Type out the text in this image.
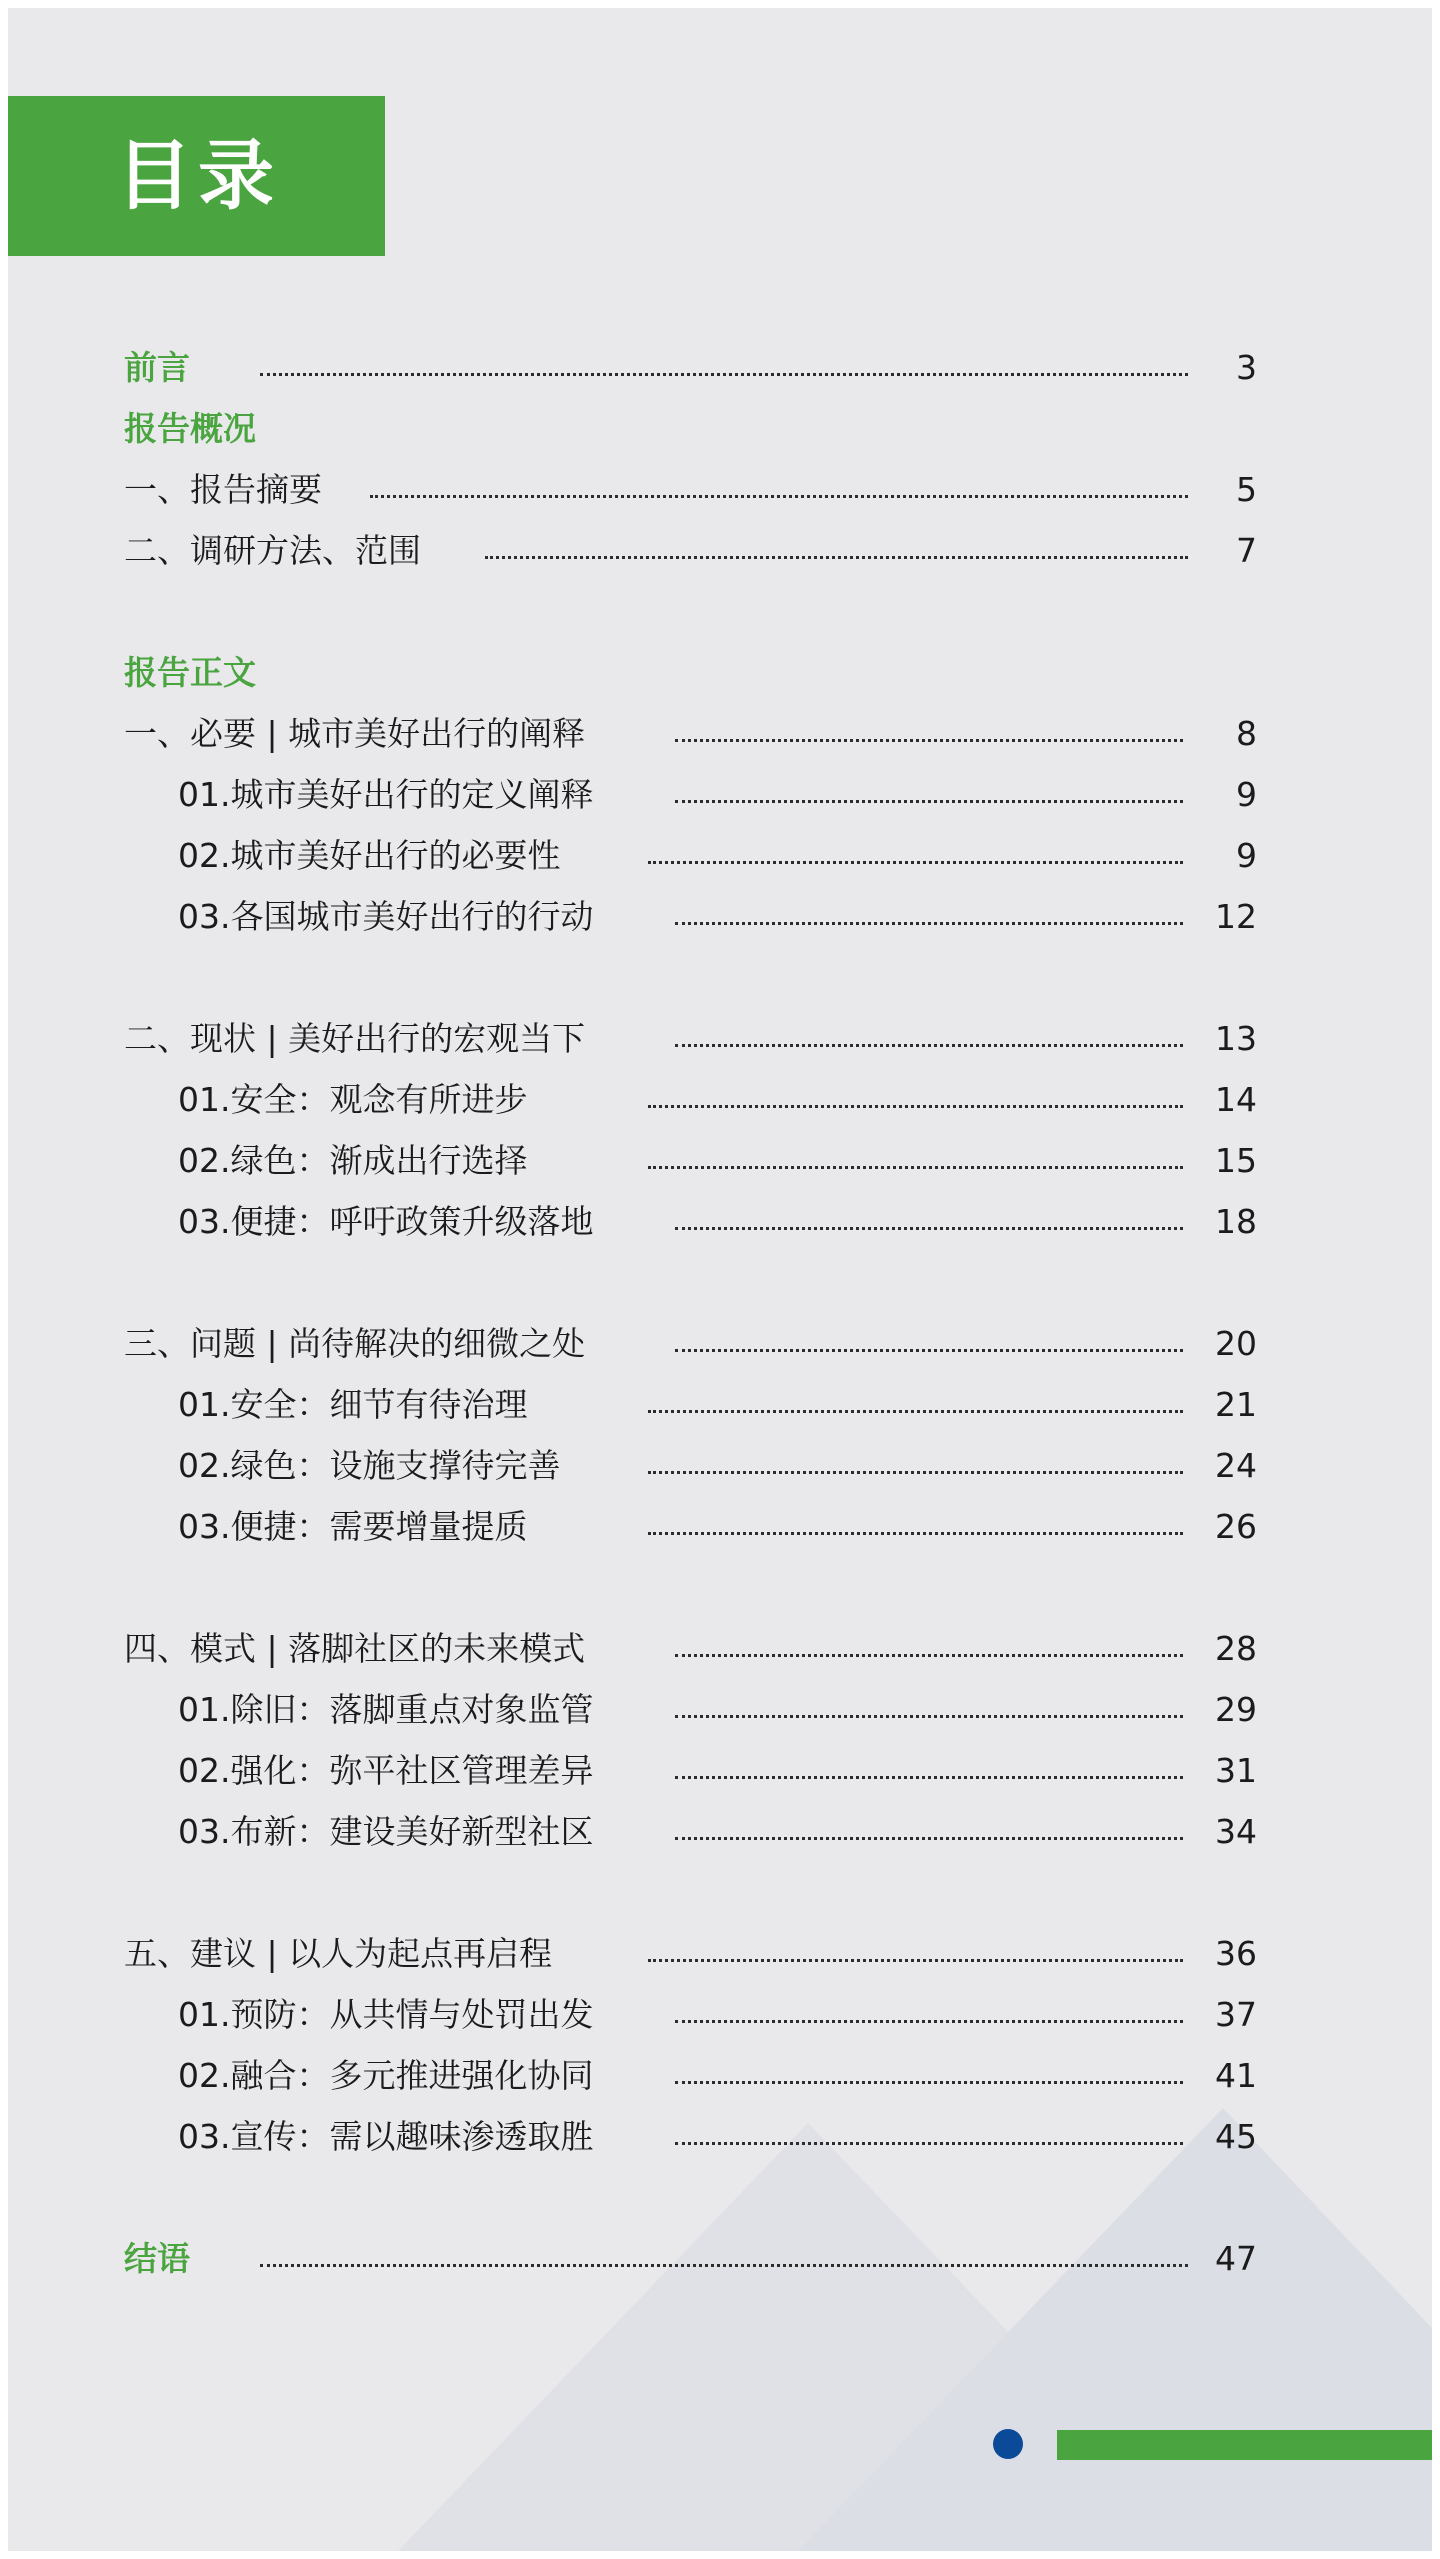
目录
前言	3
报告概况
一、报告摘要	5
二、调研方法、范围	7
报告正文
一、必要 | 城市美好出行的阐释	8
01.城市美好出行的定义阐释	9
02.城市美好出行的必要性	9
03.各国城市美好出行的行动	12
二、现状 | 美好出行的宏观当下	13
01.安全：观念有所进步	14
02.绿色：渐成出行选择	15
03.便捷：呼吁政策升级落地	18
三、问题 | 尚待解决的细微之处	20
01.安全：细节有待治理	21
02.绿色：设施支撑待完善	24
03.便捷：需要增量提质	26
四、模式 | 落脚社区的未来模式	28
01.除旧：落脚重点对象监管	29
02.强化：弥平社区管理差异	31
03.布新：建设美好新型社区	34
五、建议 | 以人为起点再启程	36
01.预防：从共情与处罚出发	37
02.融合：多元推进强化协同	41
03.宣传：需以趣味渗透取胜	45
结语	47
